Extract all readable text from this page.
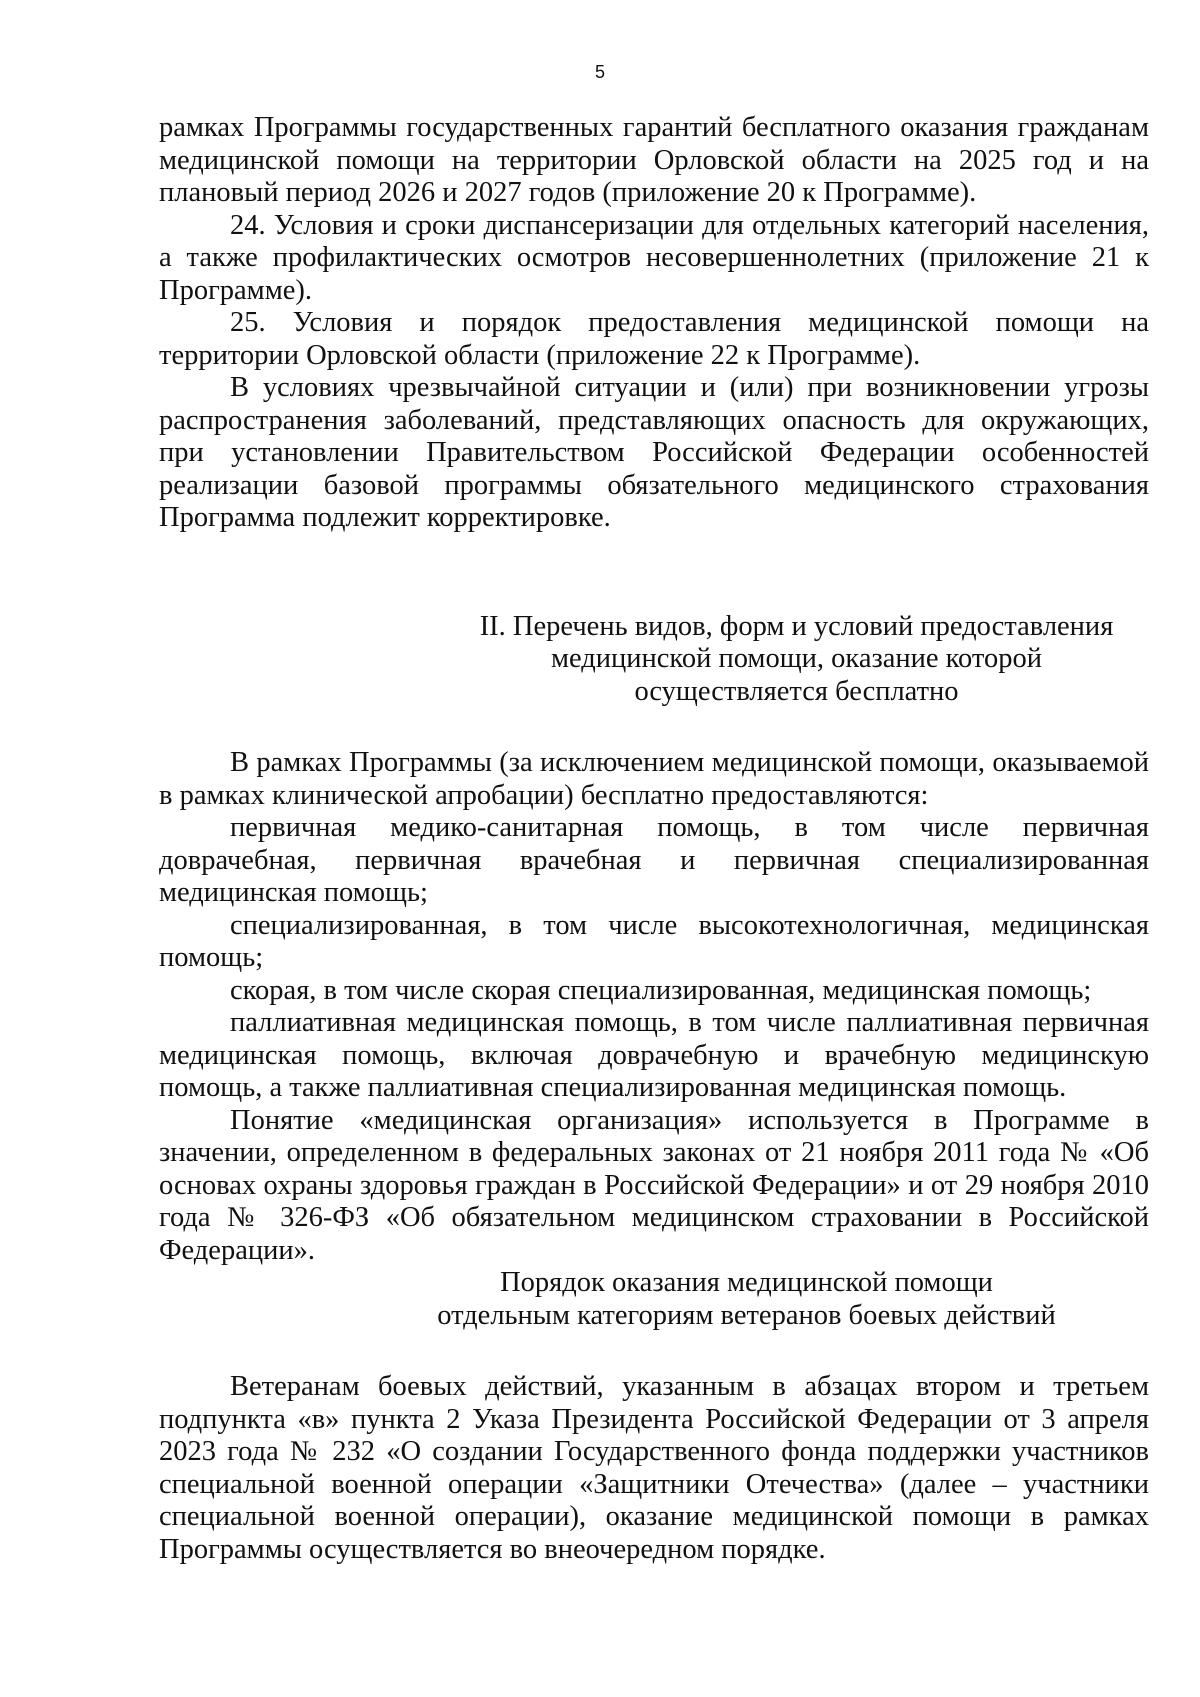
5

рамках Программы государственных гарантий бесплатного оказания гражданам медицинской помощи на территории Орловской области на 2025 год и на плановый период 2026 и 2027 годов (приложение 20 к Программе).

24. Условия и сроки диспансеризации для отдельных категорий населения, а также профилактических осмотров несовершеннолетних (приложение 21 к Программе).

25. Условия и порядок предоставления медицинской помощи на территории Орловской области (приложение 22 к Программе).

В условиях чрезвычайной ситуации и (или) при возникновении угрозы распространения заболеваний, представляющих опасность для окружающих, при установлении Правительством Российской Федерации особенностей реализации базовой программы обязательного медицинского страхования Программа подлежит корректировке.

II. Перечень видов, форм и условий предоставления
медицинской помощи, оказание которой
осуществляется бесплатно

В рамках Программы (за исключением медицинской помощи, оказываемой в рамках клинической апробации) бесплатно предоставляются:

первичная медико-санитарная помощь, в том числе первичная доврачебная, первичная врачебная и первичная специализированная медицинская помощь;

специализированная, в том числе высокотехнологичная, медицинская помощь;

скорая, в том числе скорая специализированная, медицинская помощь;

паллиативная медицинская помощь, в том числе паллиативная первичная медицинская помощь, включая доврачебную и врачебную медицинскую помощь, а также паллиативная специализированная медицинская помощь.

Понятие «медицинская организация» используется в Программе в значении, определенном в федеральных законах от 21 ноября 2011 года № «Об основах охраны здоровья граждан в Российской Федерации» и от 29 ноября 2010 года № 326-ФЗ «Об обязательном медицинском страховании в Российской Федерации».

Порядок оказания медицинской помощи
отдельным категориям ветеранов боевых действий

Ветеранам боевых действий, указанным в абзацах втором и третьем подпункта «в» пункта 2 Указа Президента Российской Федерации от 3 апреля 2023 года № 232 «О создании Государственного фонда поддержки участников специальной военной операции «Защитники Отечества» (далее – участники специальной военной операции), оказание медицинской помощи в рамках Программы осуществляется во внеочередном порядке.
